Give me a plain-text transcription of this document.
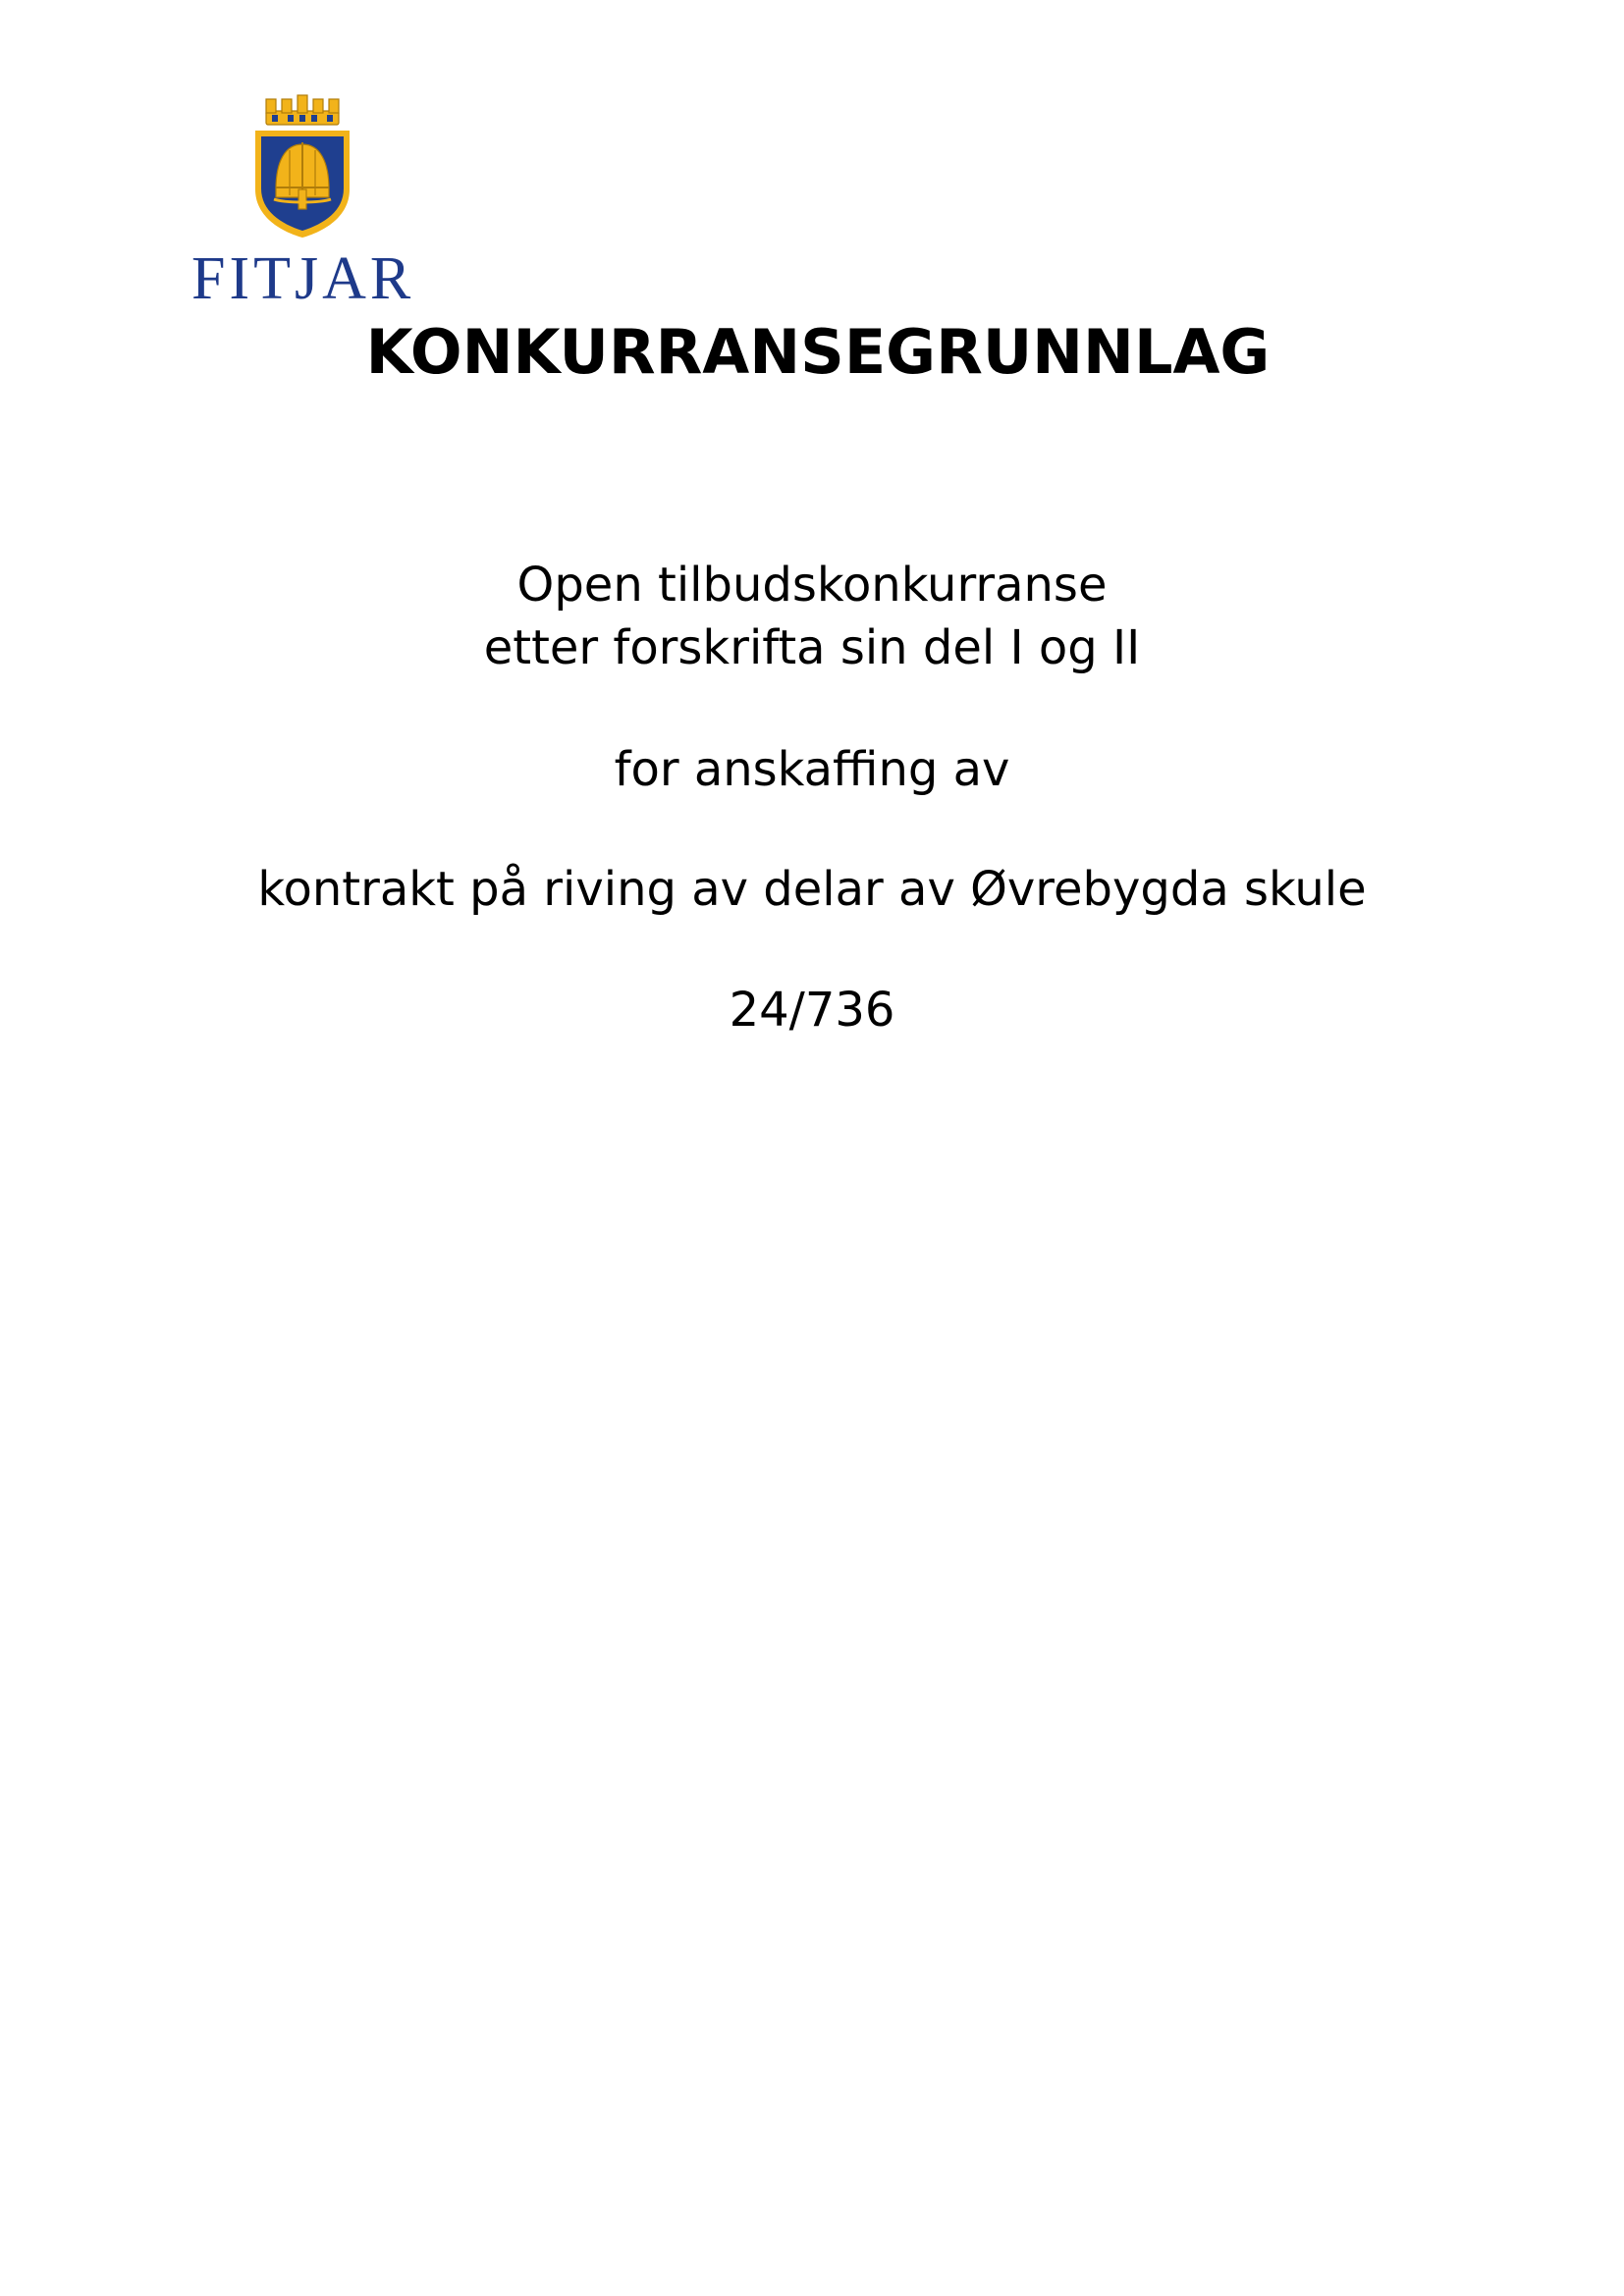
FITJAR
KONKURRANSEGRUNNLAG
Open tilbudskonkurranse
etter forskrifta sin del I og II
for anskaffing av
kontrakt på riving av delar av Øvrebygda skule
24/736
